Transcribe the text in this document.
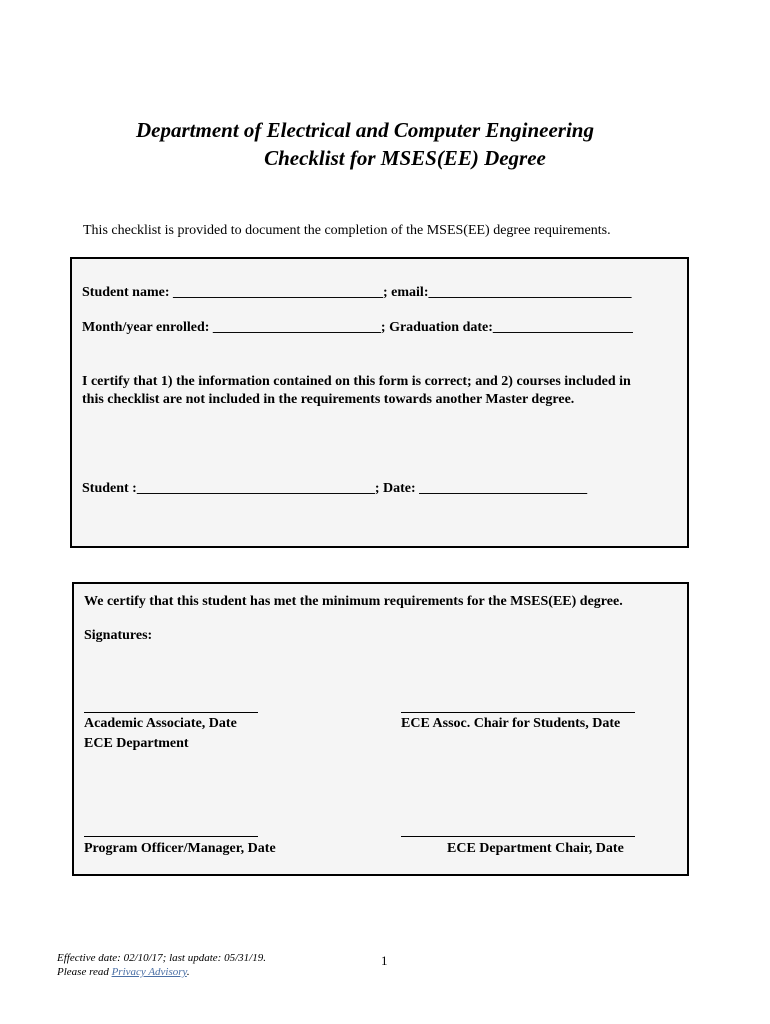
Department of Electrical and Computer Engineering
Checklist for MSES(EE) Degree
This checklist is provided to document the completion of the MSES(EE) degree requirements.
Student name: ______________________________; email:_____________________________
Month/year enrolled: ________________________; Graduation date:____________________
I certify that 1) the information contained on this form is correct; and 2) courses included in
this checklist are not included in the requirements towards another Master degree.
Student :__________________________________; Date: ________________________
We certify that this student has met the minimum requirements for the MSES(EE) degree.
Signatures:
Academic Associate, Date
ECE Department
ECE Assoc. Chair for Students, Date
Program Officer/Manager, Date	ECE Department Chair, Date
Effective date: 02/10/17; last update: 05/31/19.
Please read Privacy Advisory.
1
